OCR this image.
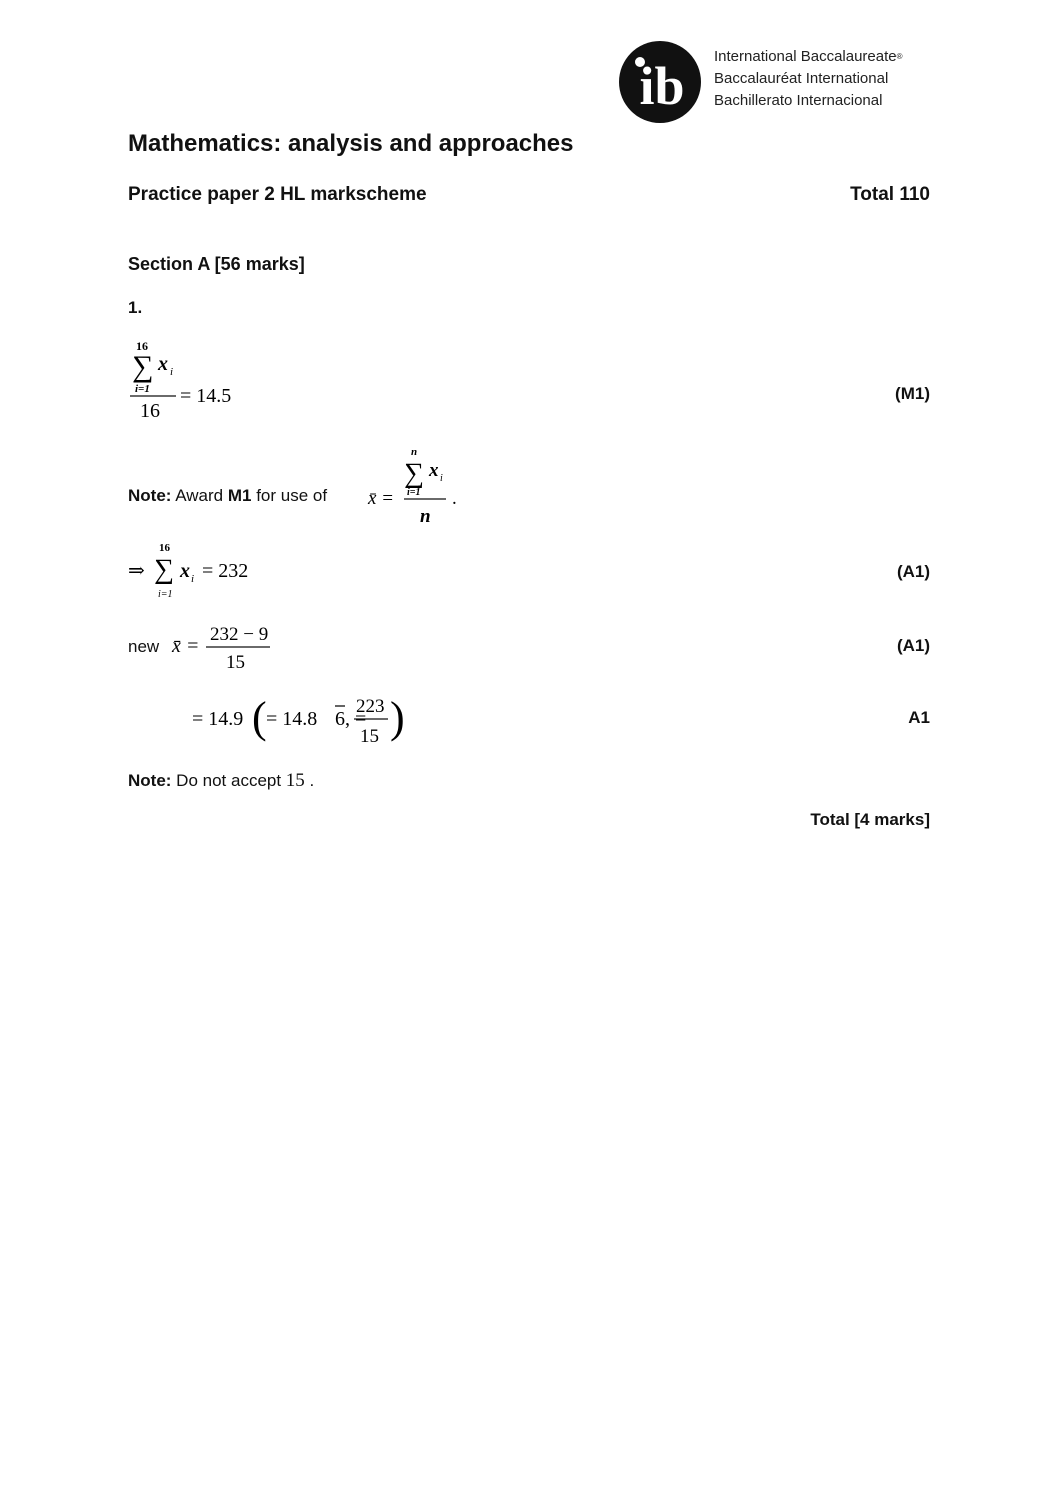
ib International Baccalaureate®
Baccalauréat International
Bachillerato Internacional
Mathematics: analysis and approaches
Practice paper 2 HL markscheme	Total 110
Section A [56 marks]
1.
16
∑ x i
i=1
16
= 14.5	(M1)
Note: Award M1 for use of x̄ =
n
∑ x i
i=1
n
.
⇒
16
∑ x i
i=1
= 232	(A1)
new x̄ =
232 − 9
15
(A1)
= 14.9 ( = 14.8 6 , =
223
15 )	A1
Note: Do not accept 15 .
Total [4 marks]
